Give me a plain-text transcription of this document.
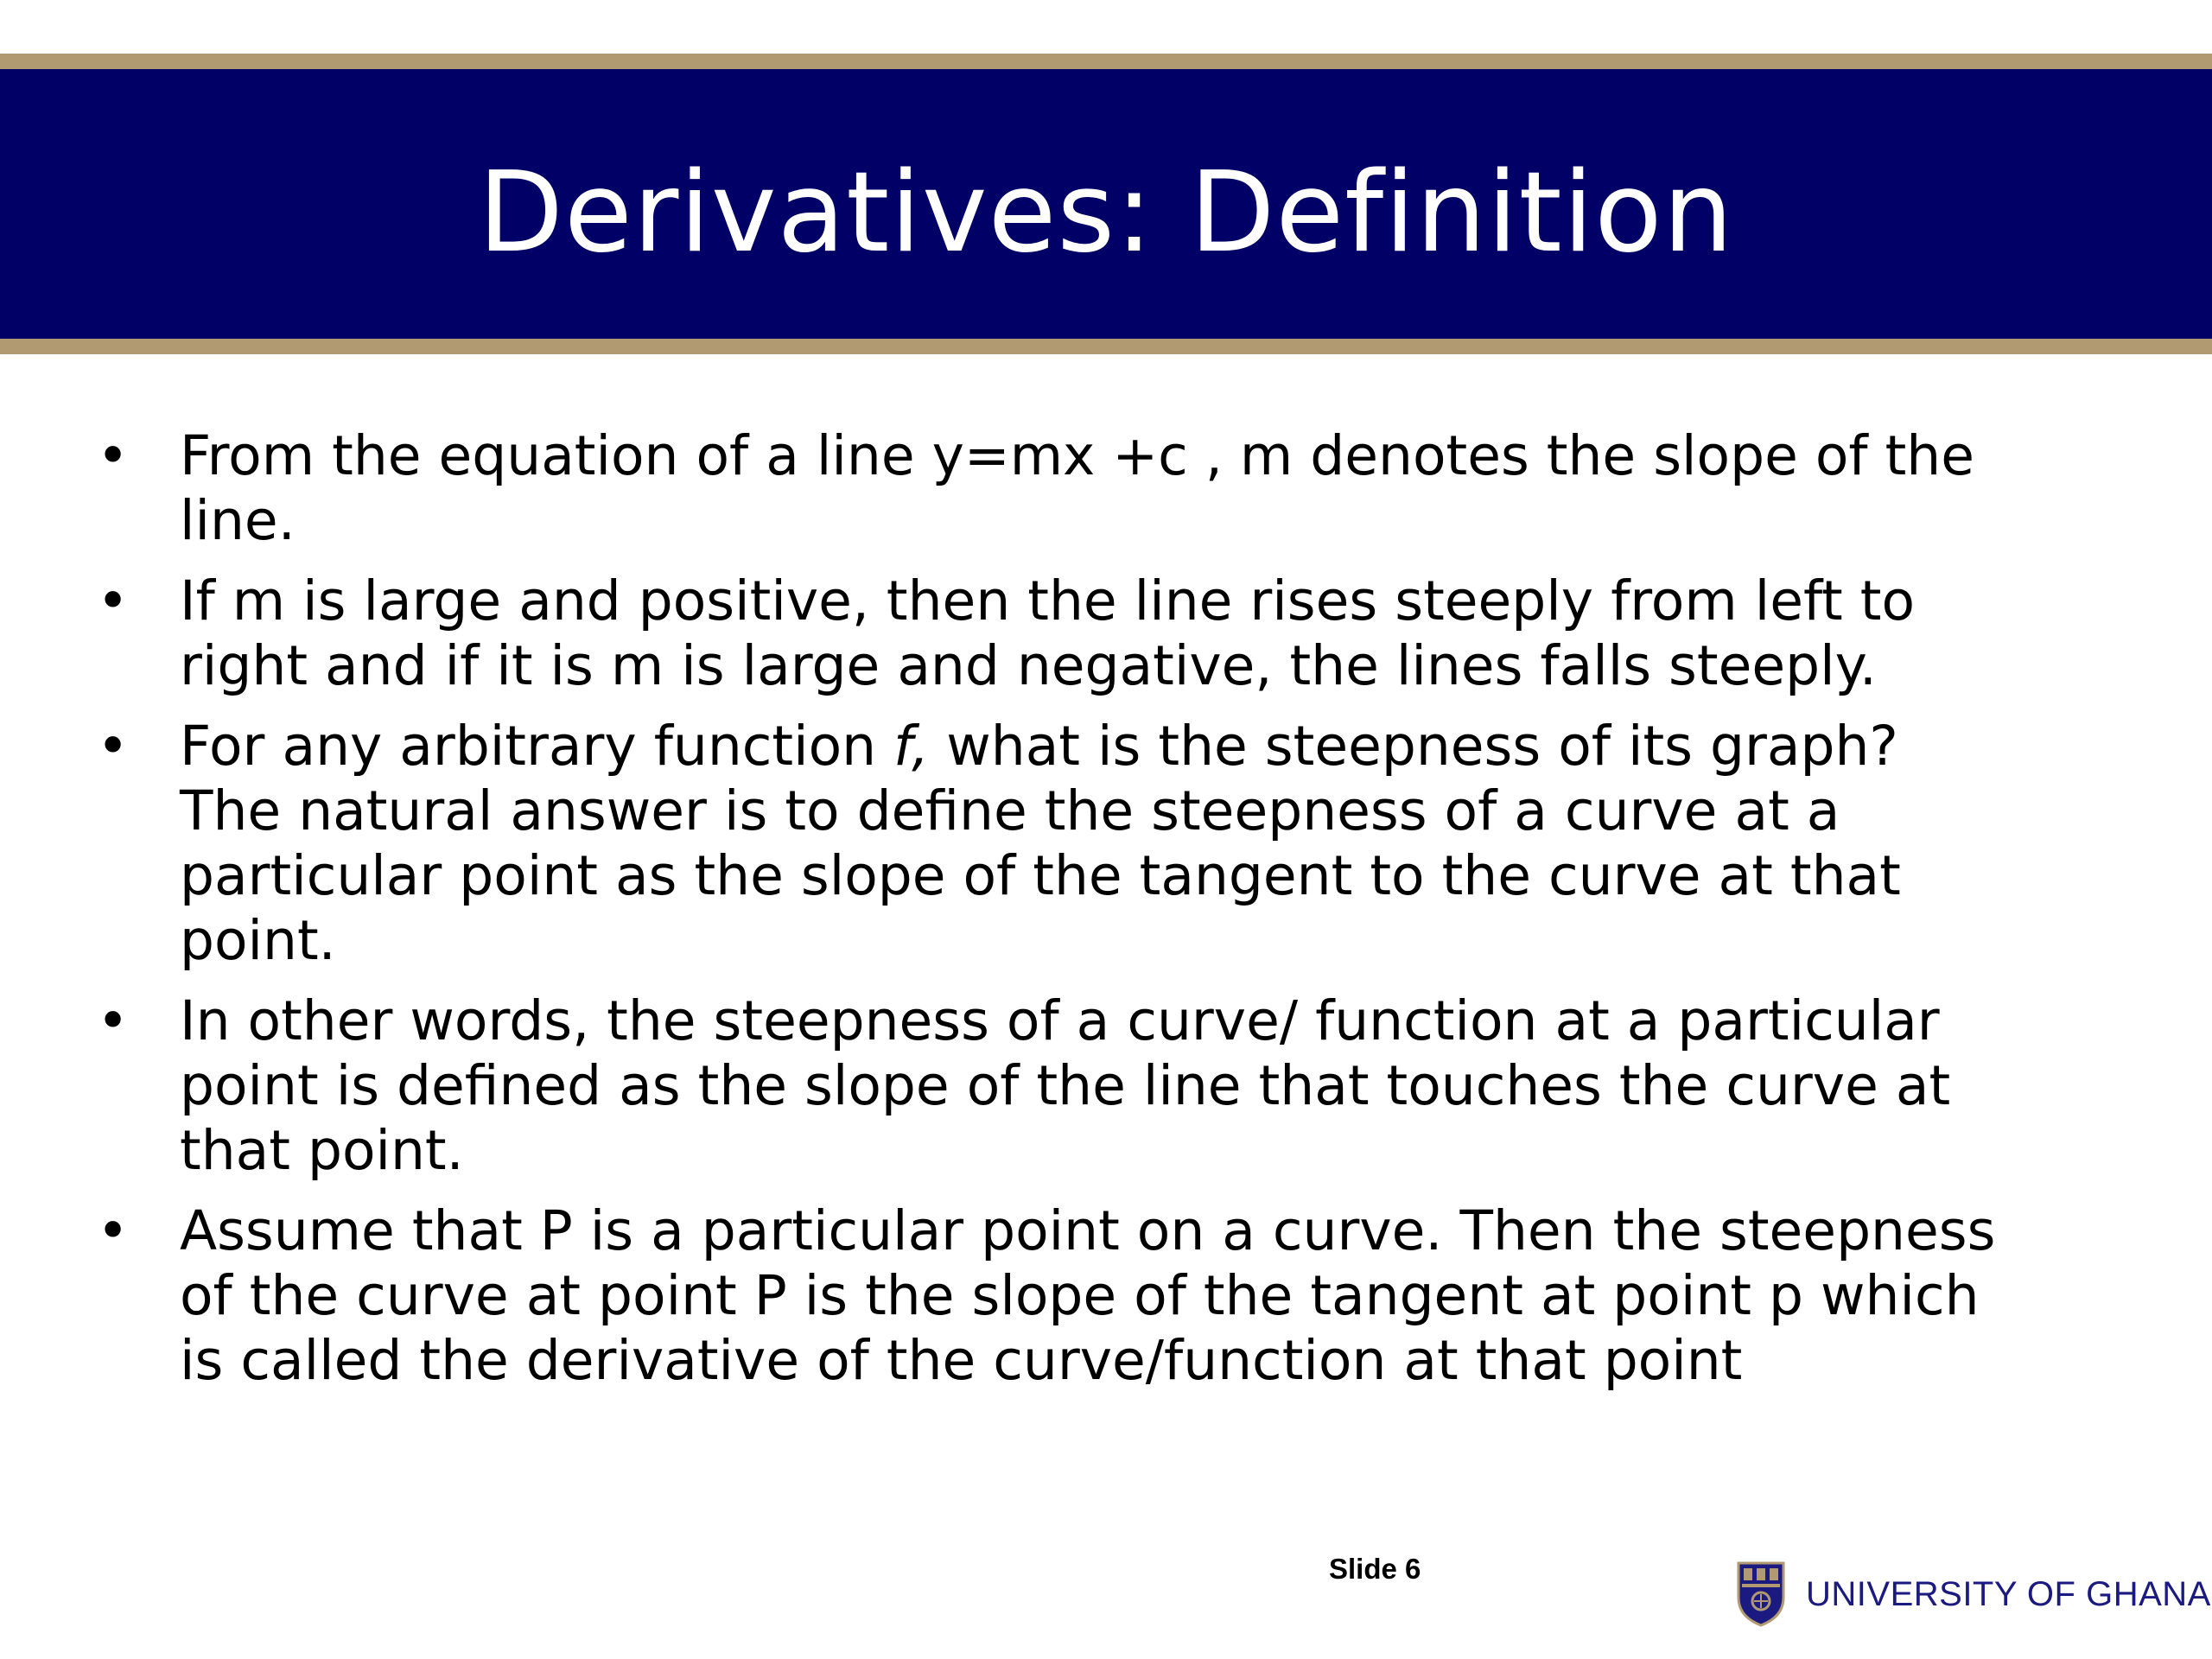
Derivatives: Definition
• From the equation of a line y=mx +c , m denotes the slope of the line.
• If m is large and positive, then the line rises steeply from left to right and if it is m is large and negative, the lines falls steeply.
• For any arbitrary function f, what is the steepness of its graph? The natural answer is to define the steepness of a curve at a particular point as the slope of the tangent to the curve at that point.
• In other words, the steepness of a curve/ function at a particular point is defined as the slope of the line that touches the curve at that point.
• Assume that P is a particular point on a curve. Then the steepness of the curve at point P is the slope of the tangent at point p which is called the derivative of the curve/function at that point
Slide 6
UNIVERSITY OF GHANA
